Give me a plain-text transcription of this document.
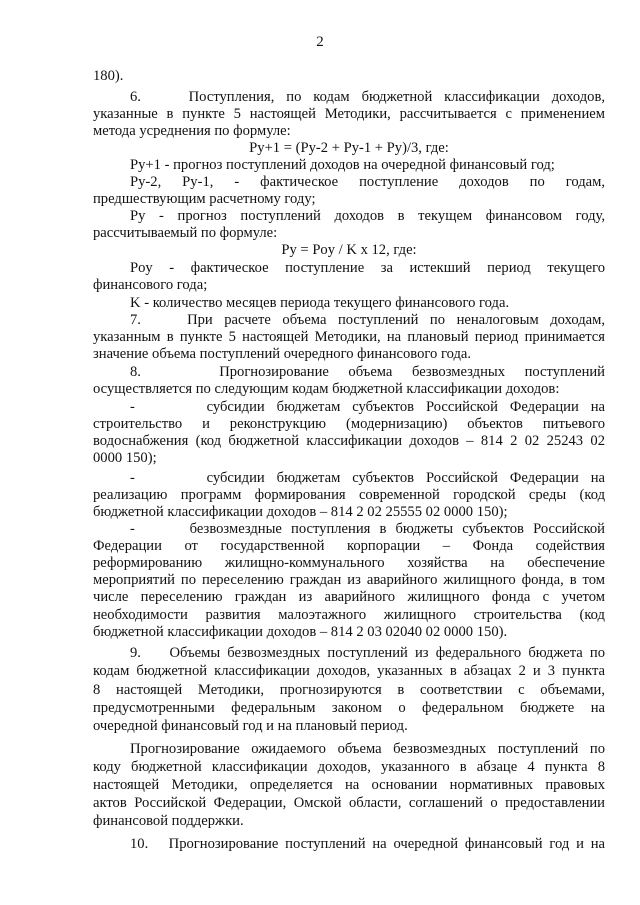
2
180).
6.    Поступления, по кодам бюджетной классификации доходов,
указанные в пункте 5 настоящей Методики, рассчитывается с применением
метода усреднения по формуле:
Pу+1 = (Pу-2 + Pу-1 + Pу)/3, где:
Pу+1 - прогноз поступлений доходов на очередной финансовый год;
Pу-2, Pу-1, - фактическое поступление доходов по годам,
предшествующим расчетному году;
Pу - прогноз поступлений доходов в текущем финансовом году,
рассчитываемый по формуле:
Pу = Poу / K x 12, где:
Poу - фактическое поступление за истекший период текущего
финансового года;
K - количество месяцев периода текущего финансового года.
7.    При расчете объема поступлений по неналоговым доходам,
указанным в пункте 5 настоящей Методики, на плановый период принимается
значение объема поступлений очередного финансового года.
8.    Прогнозирование объема безвозмездных поступлений
осуществляется по следующим кодам бюджетной классификации доходов:
-      субсидии бюджетам субъектов Российской Федерации на
строительство и реконструкцию (модернизацию) объектов питьевого
водоснабжения (код бюджетной классификации доходов – 814 2 02 25243 02
0000 150);
-      субсидии бюджетам субъектов Российской Федерации на
реализацию программ формирования современной городской среды (код
бюджетной классификации доходов – 814 2 02 25555 02 0000 150);
-      безвозмездные поступления в бюджеты субъектов Российской
Федерации от государственной корпорации – Фонда содействия
реформированию жилищно-коммунального хозяйства на обеспечение
мероприятий по переселению граждан из аварийного жилищного фонда, в том
числе переселению граждан из аварийного жилищного фонда с учетом
необходимости развития малоэтажного жилищного строительства (код
бюджетной классификации доходов – 814 2 03 02040 02 0000 150).
9.    Объемы безвозмездных поступлений из федерального бюджета по
кодам бюджетной классификации доходов, указанных в абзацах 2 и 3 пункта
8 настоящей Методики, прогнозируются в соответствии с объемами,
предусмотренными федеральным законом о федеральном бюджете на
очередной финансовый год и на плановый период.
Прогнозирование ожидаемого объема безвозмездных поступлений по
коду бюджетной классификации доходов, указанного в абзаце 4 пункта 8
настоящей Методики, определяется на основании нормативных правовых
актов Российской Федерации, Омской области, соглашений о предоставлении
финансовой поддержки.
10.   Прогнозирование поступлений на очередной финансовый год и на
